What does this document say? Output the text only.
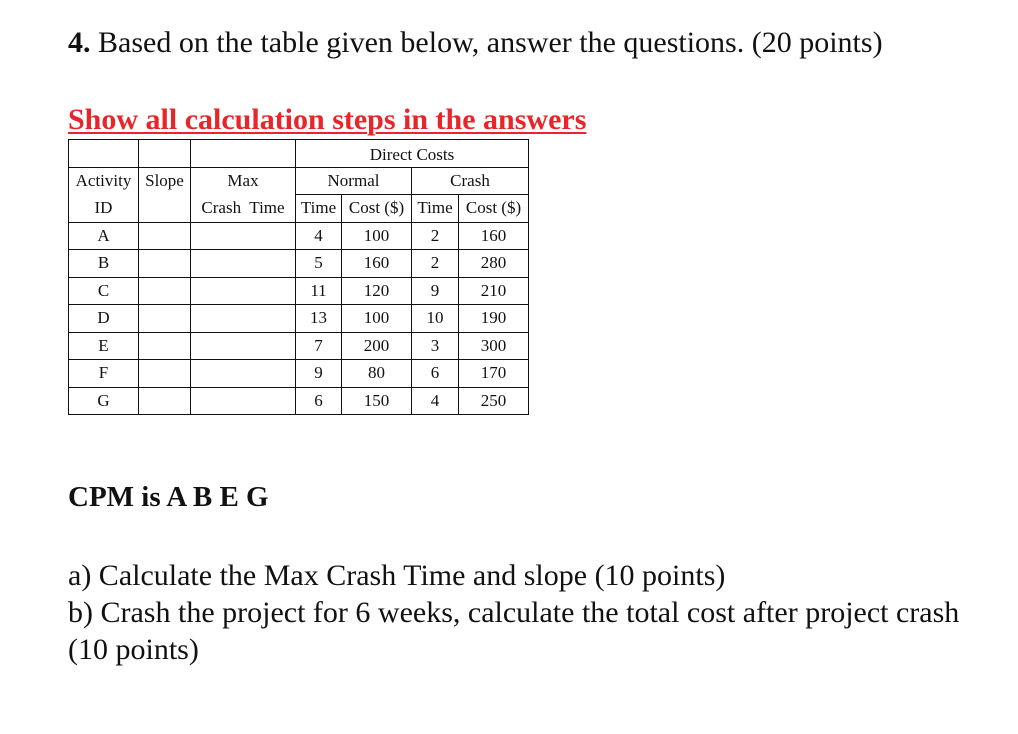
4. Based on the table given below, answer the questions. (20 points)
Show all calculation steps in the answers
			Direct Costs			
Activity	Slope	Max	Normal		Crash	
ID		Crash  Time	Time	Cost ($)	Time	Cost ($)
A			4	100	2	160
B			5	160	2	280
C			11	120	9	210
D			13	100	10	190
E			7	200	3	300
F			9	80	6	170
G			6	150	4	250
CPM is A B E G

a) Calculate the Max Crash Time and slope (10 points)

b) Crash the project for 6 weeks, calculate the total cost after project crash (10 points)
